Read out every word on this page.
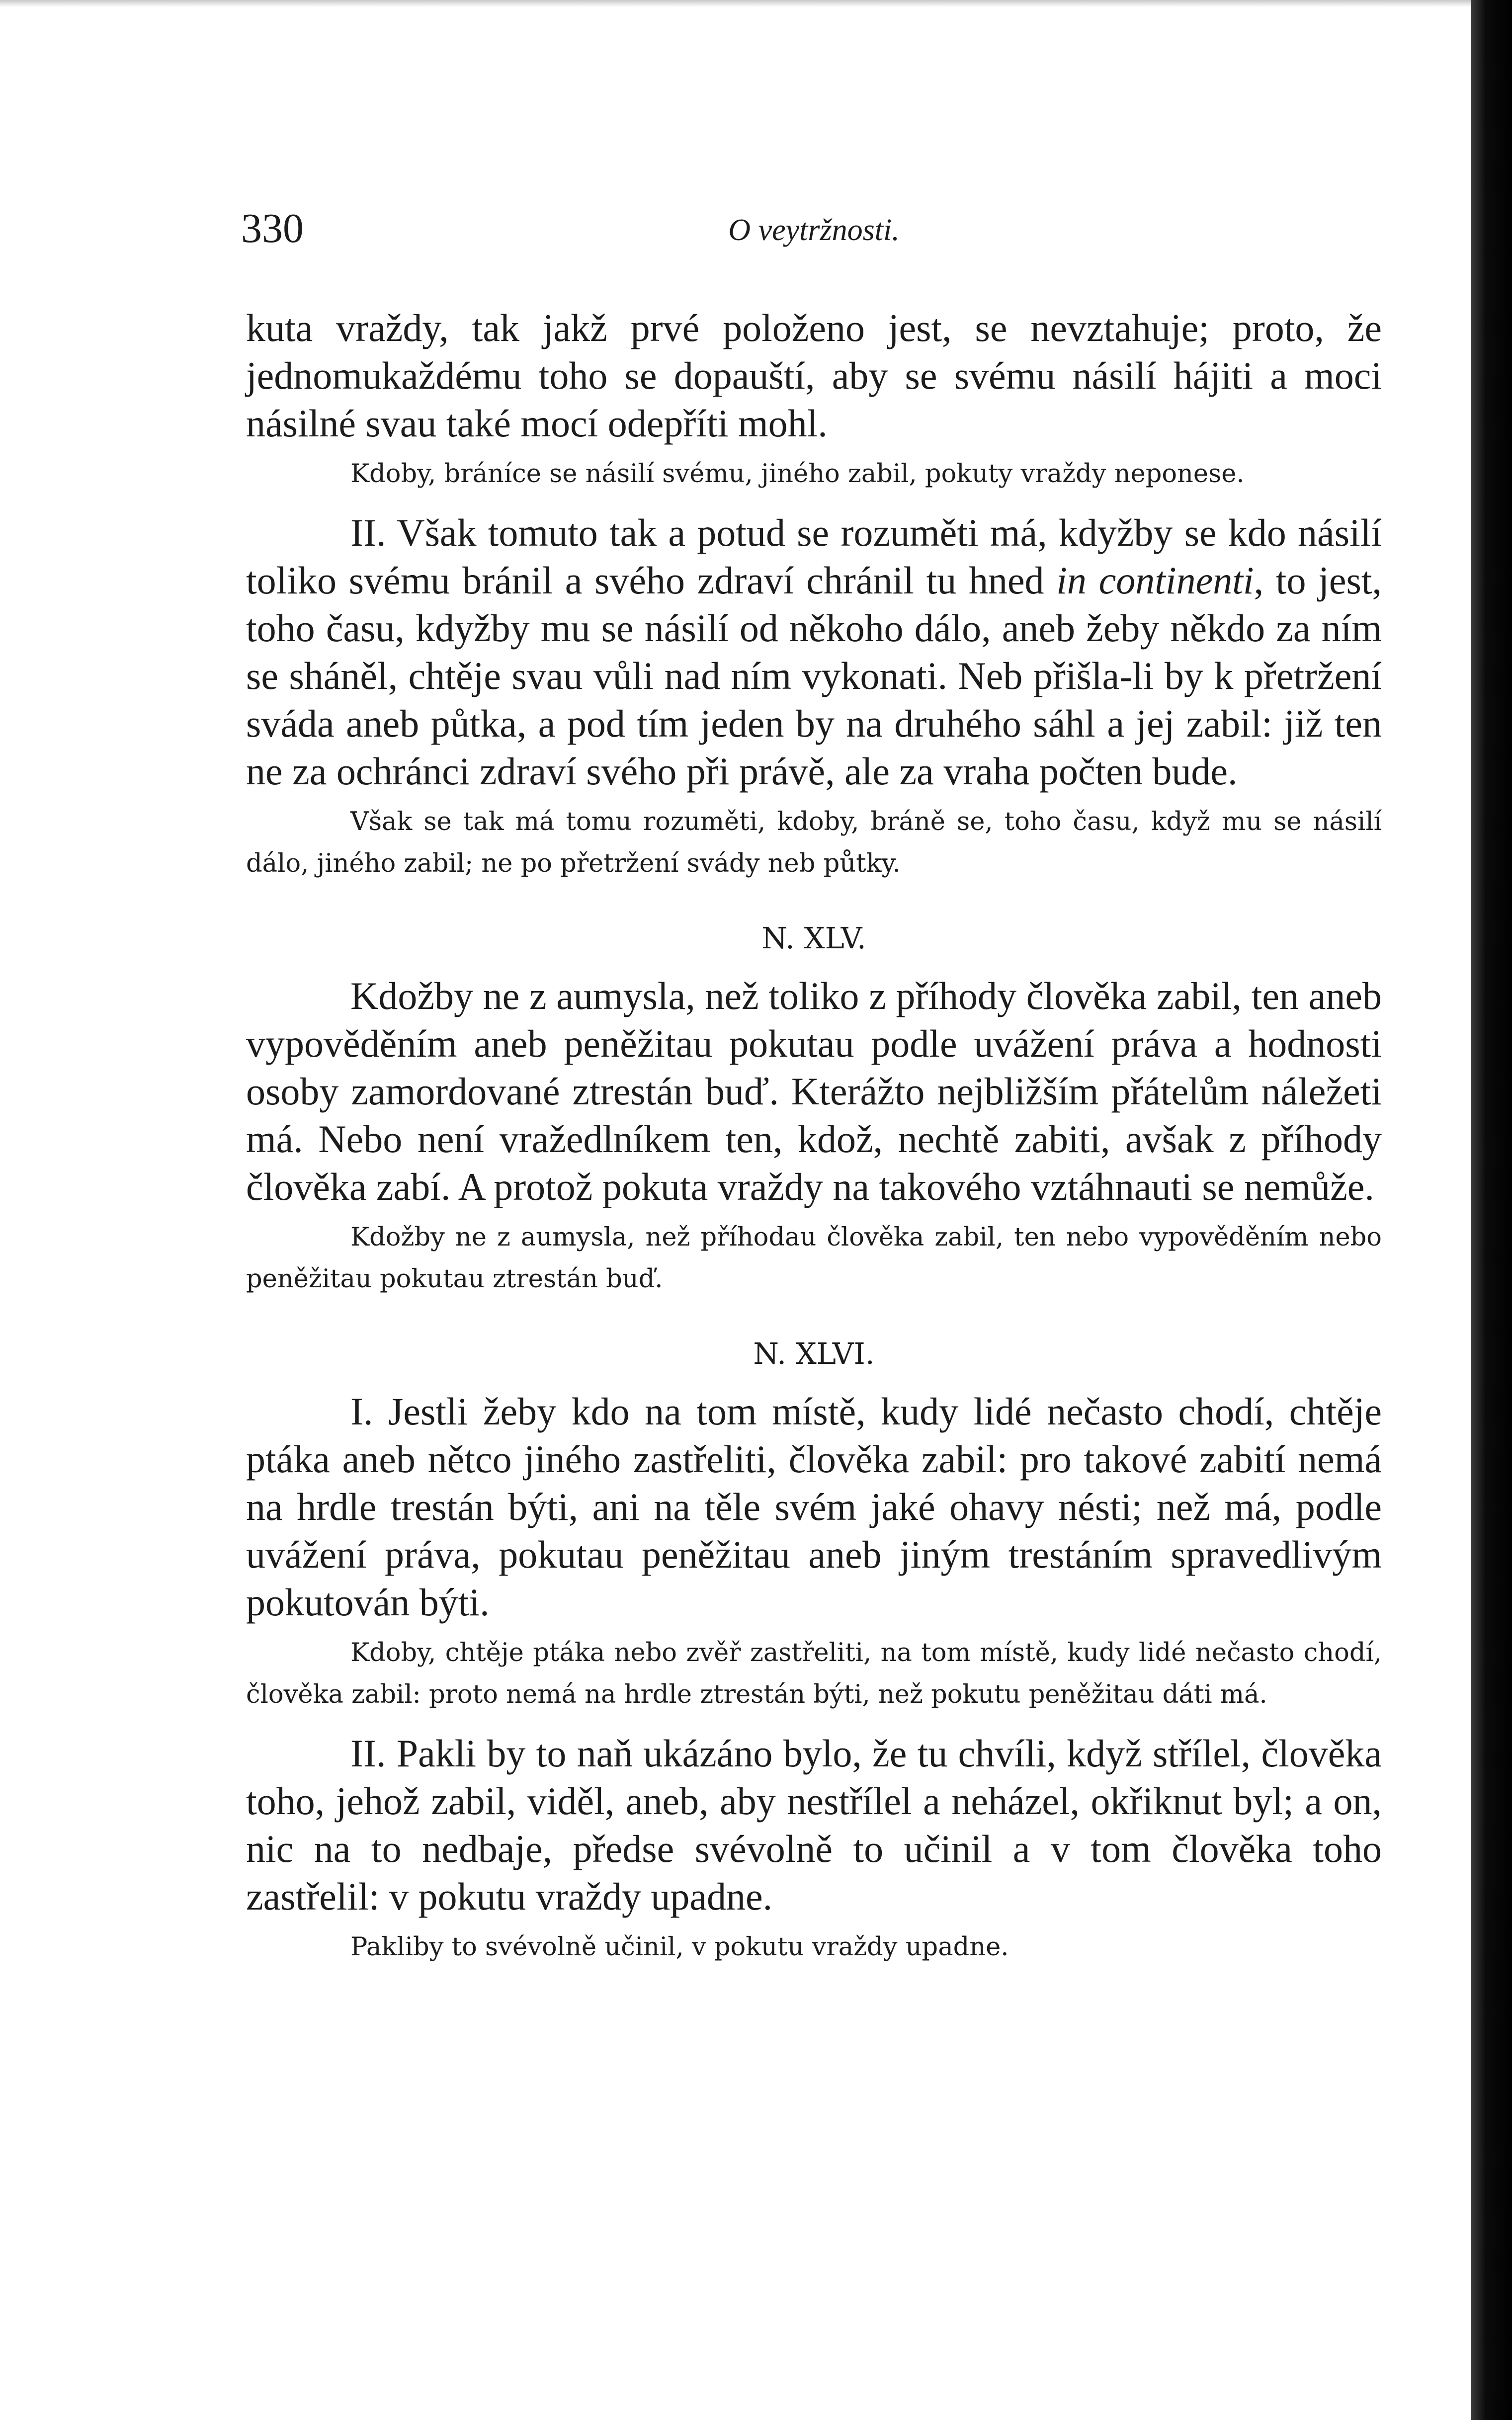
330	O veytržnosti.

kuta vraždy, tak jakž prvé položeno jest, se nevztahuje; proto, že jednomukaždému toho se dopauští, aby se svému násilí hájiti a moci násilné svau také mocí odepříti mohl.

Kdoby, bráníce se násilí svému, jiného zabil, pokuty vraždy neponese.

II. Však tomuto tak a potud se rozuměti má, kdyžby se kdo násilí toliko svému bránil a svého zdraví chránil tu hned in continenti, to jest, toho času, kdyžby mu se násilí od někoho dálo, aneb žeby někdo za ním se sháněl, chtěje svau vůli nad ním vykonati. Neb přišla-li by k přetržení sváda aneb půtka, a pod tím jeden by na druhého sáhl a jej zabil: již ten ne za ochránci zdraví svého při právě, ale za vraha počten bude.

Však se tak má tomu rozuměti, kdoby, bráně se, toho času, když mu se násilí dálo, jiného zabil; ne po přetržení svády neb půtky.

N. XLV.

Kdožby ne z aumysla, než toliko z příhody člověka zabil, ten aneb vypověděním aneb peněžitau pokutau podle uvážení práva a hodnosti osoby zamordované ztrestán buď. Kterážto nejbližším přátelům náležeti má. Nebo není vražedlníkem ten, kdož, nechtě zabiti, avšak z příhody člověka zabí. A protož pokuta vraždy na takového vztáhnauti se nemůže.

Kdožby ne z aumysla, než příhodau člověka zabil, ten nebo vypověděním nebo peněžitau pokutau ztrestán buď.

N. XLVI.

I. Jestli žeby kdo na tom místě, kudy lidé nečasto chodí, chtěje ptáka aneb nětco jiného zastřeliti, člověka zabil: pro takové zabití nemá na hrdle trestán býti, ani na těle svém jaké ohavy nésti; než má, podle uvážení práva, pokutau peněžitau aneb jiným trestáním spravedlivým pokutován býti.

Kdoby, chtěje ptáka nebo zvěř zastřeliti, na tom místě, kudy lidé nečasto chodí, člověka zabil: proto nemá na hrdle ztrestán býti, než pokutu peněžitau dáti má.

II. Pakli by to naň ukázáno bylo, že tu chvíli, když střílel, člověka toho, jehož zabil, viděl, aneb, aby nestřílel a neházel, okřiknut byl; a on, nic na to nedbaje, předse svévolně to učinil a v tom člověka toho zastřelil: v pokutu vraždy upadne.

Pakliby to svévolně učinil, v pokutu vraždy upadne.
